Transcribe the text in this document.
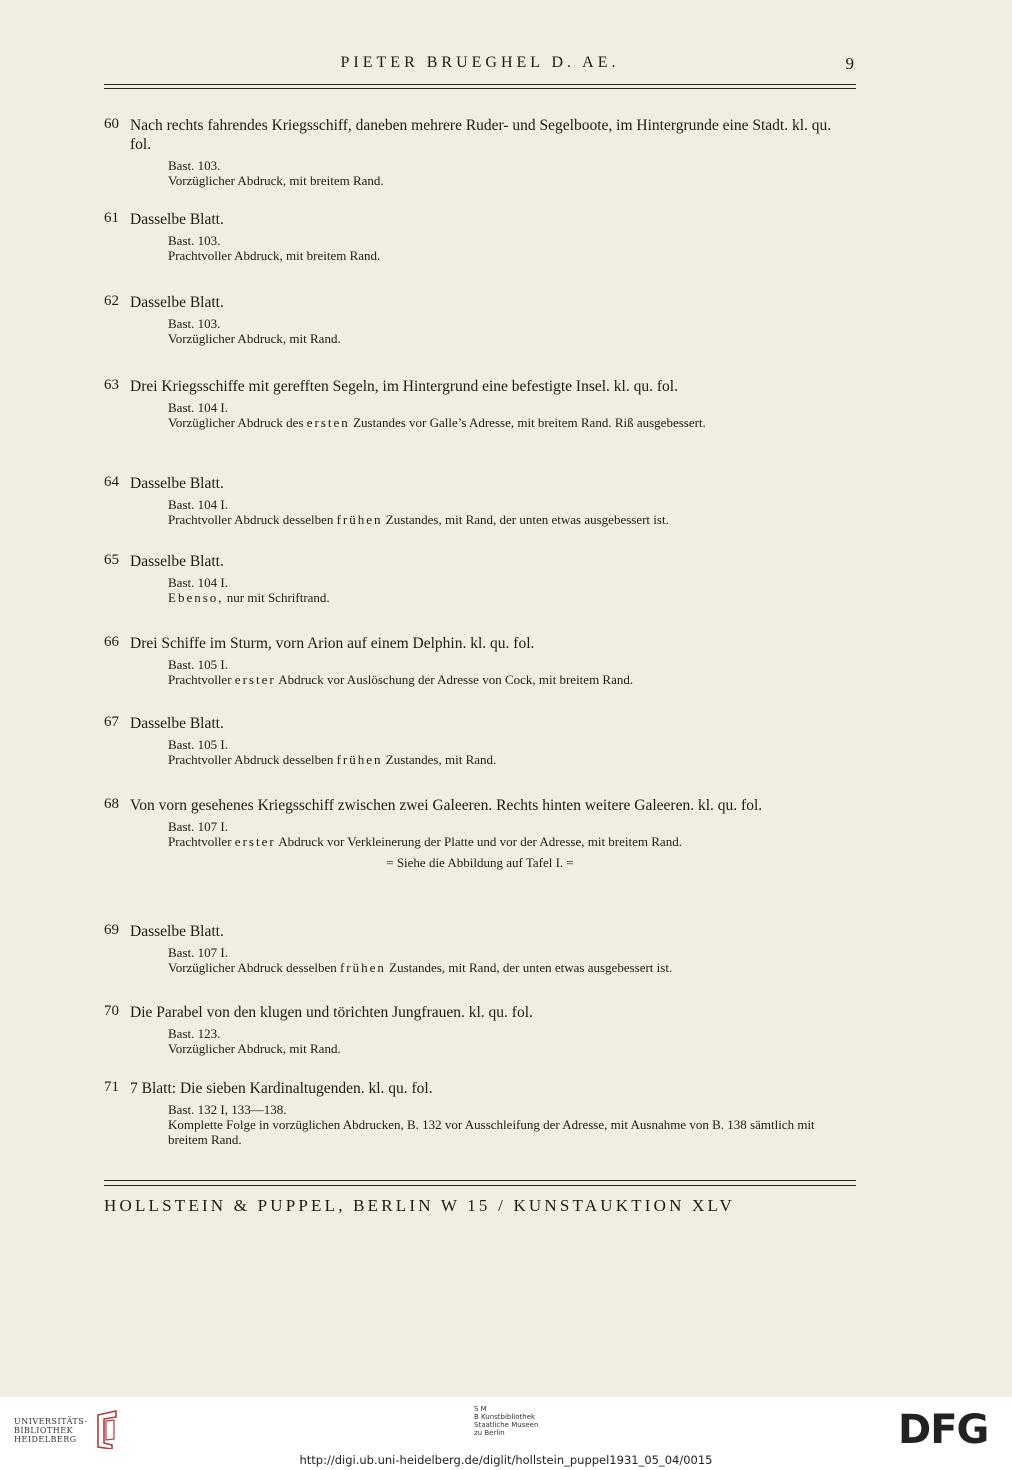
PIETER BRUEGHEL D. AE.	9
60 Nach rechts fahrendes Kriegsschiff, daneben mehrere Ruder- und Segelboote, im Hintergrunde eine Stadt. kl. qu. fol.
Bast. 103.
Vorzüglicher Abdruck, mit breitem Rand.
61 Dasselbe Blatt.
Bast. 103.
Prachtvoller Abdruck, mit breitem Rand.
62 Dasselbe Blatt.
Bast. 103.
Vorzüglicher Abdruck, mit Rand.
63 Drei Kriegsschiffe mit gerefften Segeln, im Hintergrund eine befestigte Insel. kl. qu. fol.
Bast. 104 I.
Vorzüglicher Abdruck des ersten Zustandes vor Galle’s Adresse, mit breitem Rand. Riß ausgebessert.
64 Dasselbe Blatt.
Bast. 104 I.
Prachtvoller Abdruck desselben frühen Zustandes, mit Rand, der unten etwas ausgebessert ist.
65 Dasselbe Blatt.
Bast. 104 I.
Ebenso, nur mit Schriftrand.
66 Drei Schiffe im Sturm, vorn Arion auf einem Delphin. kl. qu. fol.
Bast. 105 I.
Prachtvoller erster Abdruck vor Auslöschung der Adresse von Cock, mit breitem Rand.
67 Dasselbe Blatt.
Bast. 105 I.
Prachtvoller Abdruck desselben frühen Zustandes, mit Rand.
68 Von vorn gesehenes Kriegsschiff zwischen zwei Galeeren. Rechts hinten weitere Galeeren. kl. qu. fol.
Bast. 107 I.
Prachtvoller erster Abdruck vor Verkleinerung der Platte und vor der Adresse, mit breitem Rand.
= Siehe die Abbildung auf Tafel I. =
69 Dasselbe Blatt.
Bast. 107 I.
Vorzüglicher Abdruck desselben frühen Zustandes, mit Rand, der unten etwas ausgebessert ist.
70 Die Parabel von den klugen und törichten Jungfrauen. kl. qu. fol.
Bast. 123.
Vorzüglicher Abdruck, mit Rand.
71 7 Blatt: Die sieben Kardinaltugenden. kl. qu. fol.
Bast. 132 I, 133—138.
Komplette Folge in vorzüglichen Abdrucken, B. 132 vor Ausschleifung der Adresse, mit Ausnahme von B. 138 sämtlich mit breitem Rand.
HOLLSTEIN & PUPPEL, BERLIN W 15 / KUNSTAUKTION XLV
UNIVERSITÄTS-
BIBLIOTHEK
HEIDELBERG
S M
B Kunstbibliothek
Staatliche Museen
zu Berlin	DFG
http://digi.ub.uni-heidelberg.de/diglit/hollstein_puppel1931_05_04/0015
